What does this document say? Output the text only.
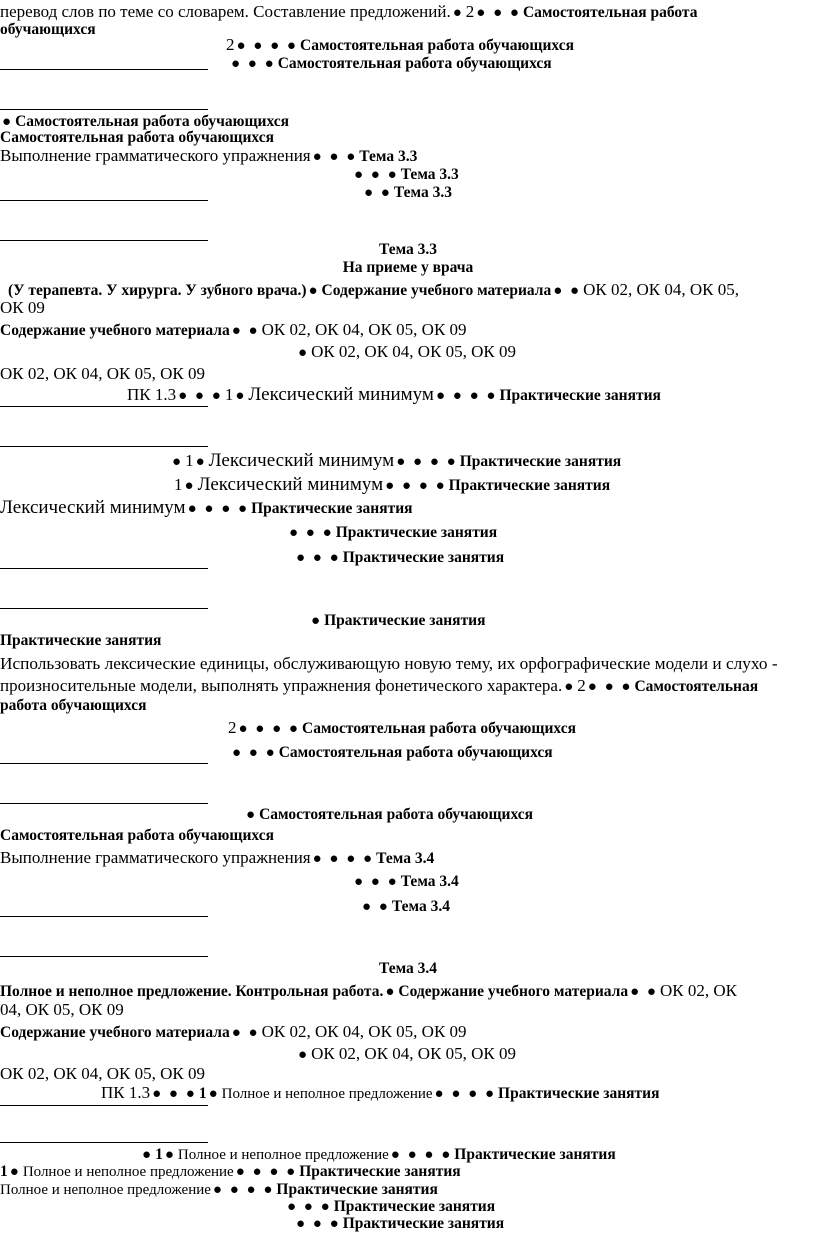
перевод слов по теме со словарем. Составление предложений. ● 2 ● ● ● Самостоятельная работа
обучающихся
2 ● ● ● ● Самостоятельная работа обучающихся
● ● ● Самостоятельная работа обучающихся
● Самостоятельная работа обучающихся
Самостоятельная работа обучающихся
Выполнение грамматического упражнения ● ● ● Тема 3.3
● ● ● Тема 3.3
● ● Тема 3.3
Тема 3.3
На приеме у врача
(У терапевта. У хирурга. У зубного врача.) ● Содержание учебного материала ● ● ОК 02, ОК 04, ОК 05,
ОК 09
Содержание учебного материала ● ● ОК 02, ОК 04, ОК 05, ОК 09
● ОК 02, ОК 04, ОК 05, ОК 09
ОК 02, ОК 04, ОК 05, ОК 09
ПК 1.3 ● ● ● 1 ● Лексический минимум ● ● ● ● Практические занятия
● 1 ● Лексический минимум ● ● ● ● Практические занятия
1 ● Лексический минимум ● ● ● ● Практические занятия
Лексический минимум ● ● ● ● Практические занятия
● ● ● Практические занятия
● ● ● Практические занятия
● Практические занятия
Практические занятия
Использовать лексические единицы, обслуживающую новую тему, их орфографические модели и слухо -
произносительные модели, выполнять упражнения фонетического характера. ● 2 ● ● ● Самостоятельная
работа обучающихся
2 ● ● ● ● Самостоятельная работа обучающихся
● ● ● Самостоятельная работа обучающихся
● Самостоятельная работа обучающихся
Самостоятельная работа обучающихся
Выполнение грамматического упражнения ● ● ● ● Тема 3.4
● ● ● Тема 3.4
● ● Тема 3.4
Тема 3.4
Полное и неполное предложение. Контрольная работа. ● Содержание учебного материала ● ● ОК 02, ОК
04, ОК 05, ОК 09
Содержание учебного материала ● ● ОК 02, ОК 04, ОК 05, ОК 09
● ОК 02, ОК 04, ОК 05, ОК 09
ОК 02, ОК 04, ОК 05, ОК 09
ПК 1.3 ● ● ● 1 ● Полное и неполное предложение ● ● ● ● Практические занятия
● 1 ● Полное и неполное предложение ● ● ● ● Практические занятия
1 ● Полное и неполное предложение ● ● ● ● Практические занятия
Полное и неполное предложение ● ● ● ● Практические занятия
● ● ● Практические занятия
● ● ● Практические занятия
